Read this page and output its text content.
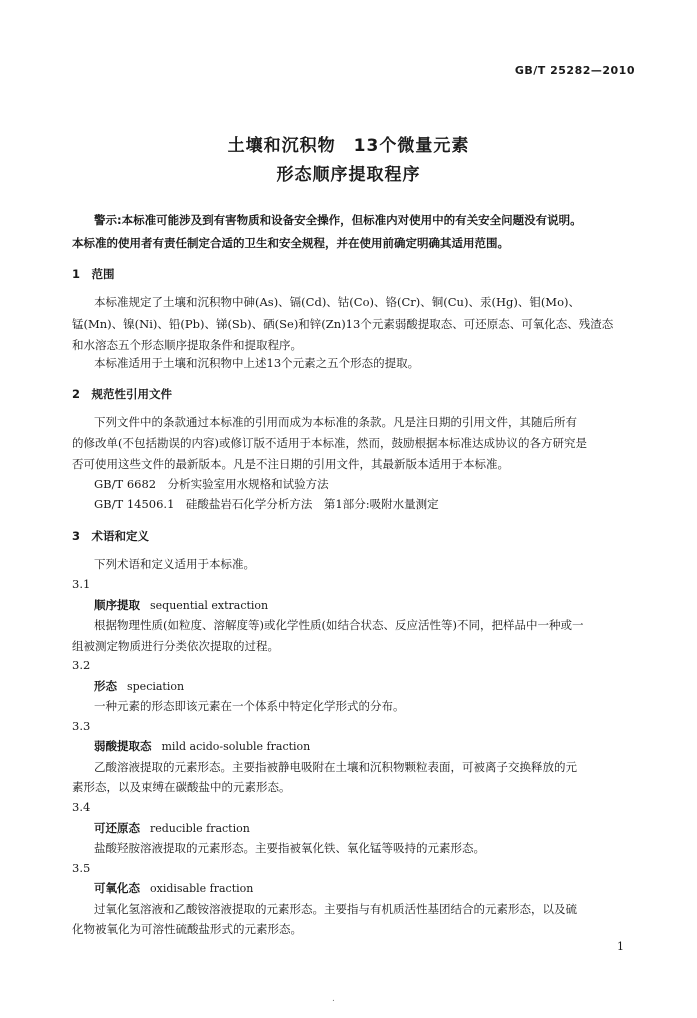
GB/T 25282—2010
土壤和沉积物　13个微量元素
形态顺序提取程序
警示:本标准可能涉及到有害物质和设备安全操作，但标准内对使用中的有关安全问题没有说明。
本标准的使用者有责任制定合适的卫生和安全规程，并在使用前确定明确其适用范围。
1　范围
本标准规定了土壤和沉积物中砷(As)、镉(Cd)、钴(Co)、铬(Cr)、铜(Cu)、汞(Hg)、钼(Mo)、
锰(Mn)、镍(Ni)、铅(Pb)、锑(Sb)、硒(Se)和锌(Zn)13个元素弱酸提取态、可还原态、可氧化态、残渣态
和水溶态五个形态顺序提取条件和提取程序。
本标准适用于土壤和沉积物中上述13个元素之五个形态的提取。
2　规范性引用文件
下列文件中的条款通过本标准的引用而成为本标准的条款。凡是注日期的引用文件，其随后所有
的修改单(不包括勘误的内容)或修订版不适用于本标准，然而，鼓励根据本标准达成协议的各方研究是
否可使用这些文件的最新版本。凡是不注日期的引用文件，其最新版本适用于本标准。
GB/T 6682　分析实验室用水规格和试验方法
GB/T 14506.1　硅酸盐岩石化学分析方法　第1部分:吸附水量测定
3　术语和定义
下列术语和定义适用于本标准。
3.1
顺序提取 sequential extraction
根据物理性质(如粒度、溶解度等)或化学性质(如结合状态、反应活性等)不同，把样品中一种或一
组被测定物质进行分类依次提取的过程。
3.2
形态 speciation
一种元素的形态即该元素在一个体系中特定化学形式的分布。
3.3
弱酸提取态 mild acido-soluble fraction
乙酸溶液提取的元素形态。主要指被静电吸附在土壤和沉积物颗粒表面，可被离子交换释放的元
素形态，以及束缚在碳酸盐中的元素形态。
3.4
可还原态 reducible fraction
盐酸羟胺溶液提取的元素形态。主要指被氧化铁、氧化锰等吸持的元素形态。
3.5
可氧化态 oxidisable fraction
过氧化氢溶液和乙酸铵溶液提取的元素形态。主要指与有机质活性基团结合的元素形态，以及硫
化物被氧化为可溶性硫酸盐形式的元素形态。
1
.
